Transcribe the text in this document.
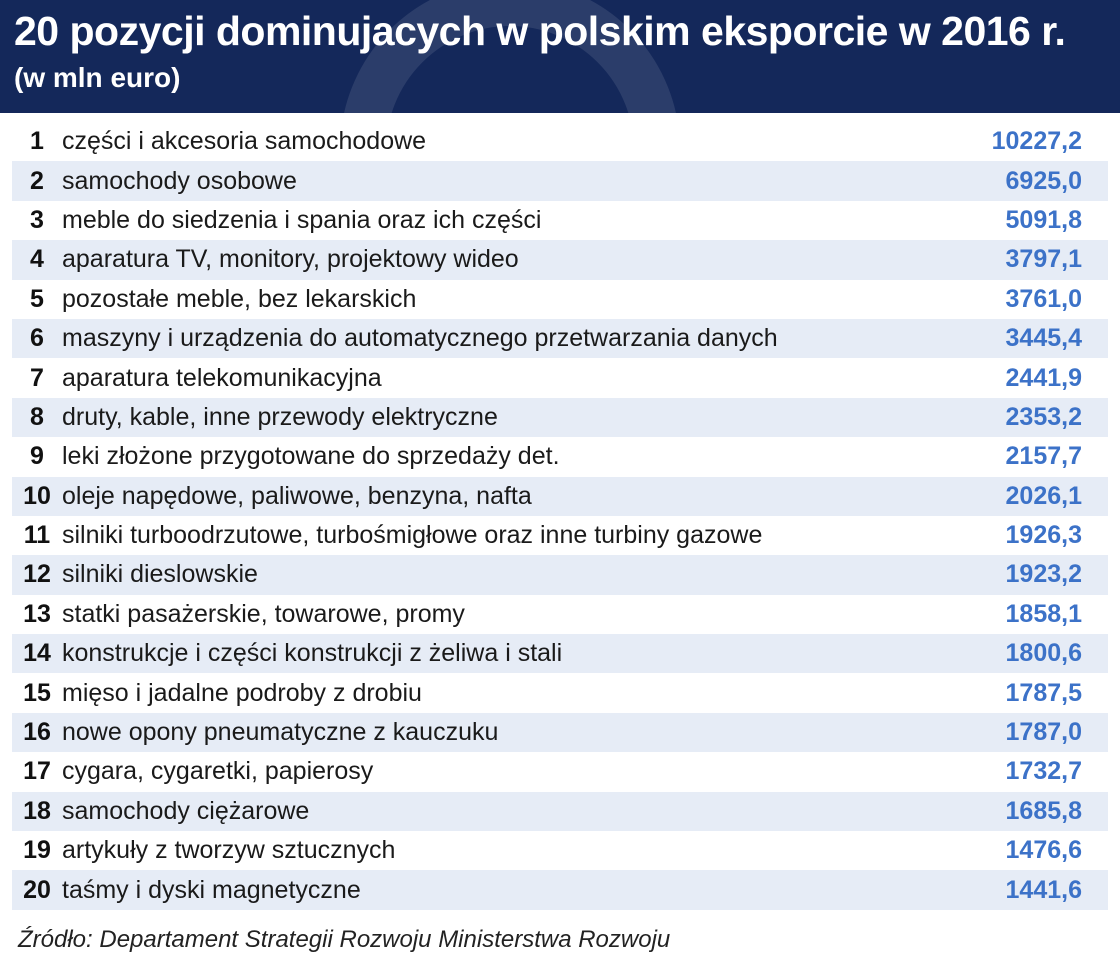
20 pozycji dominujacych w polskim eksporcie w 2016 r.
(w mln euro)
1 części i akcesoria samochodowe	10227,2
2 samochody osobowe	6925,0
3 meble do siedzenia i spania oraz ich części	5091,8
4 aparatura TV, monitory, projektowy wideo	3797,1
5 pozostałe meble, bez lekarskich	3761,0
6 maszyny i urządzenia do automatycznego przetwarzania danych	3445,4
7 aparatura telekomunikacyjna	2441,9
8 druty, kable, inne przewody elektryczne	2353,2
9 leki złożone przygotowane do sprzedaży det.	2157,7
10 oleje napędowe, paliwowe, benzyna, nafta	2026,1
11 silniki turboodrzutowe, turbośmigłowe oraz inne turbiny gazowe	1926,3
12 silniki dieslowskie	1923,2
13 statki pasażerskie, towarowe, promy	1858,1
14 konstrukcje i części konstrukcji z żeliwa i stali	1800,6
15 mięso i jadalne podroby z drobiu	1787,5
16 nowe opony pneumatyczne z kauczuku	1787,0
17 cygara, cygaretki, papierosy	1732,7
18 samochody ciężarowe	1685,8
19 artykuły z tworzyw sztucznych	1476,6
20 taśmy i dyski magnetyczne	1441,6
Źródło: Departament Strategii Rozwoju Ministerstwa Rozwoju
